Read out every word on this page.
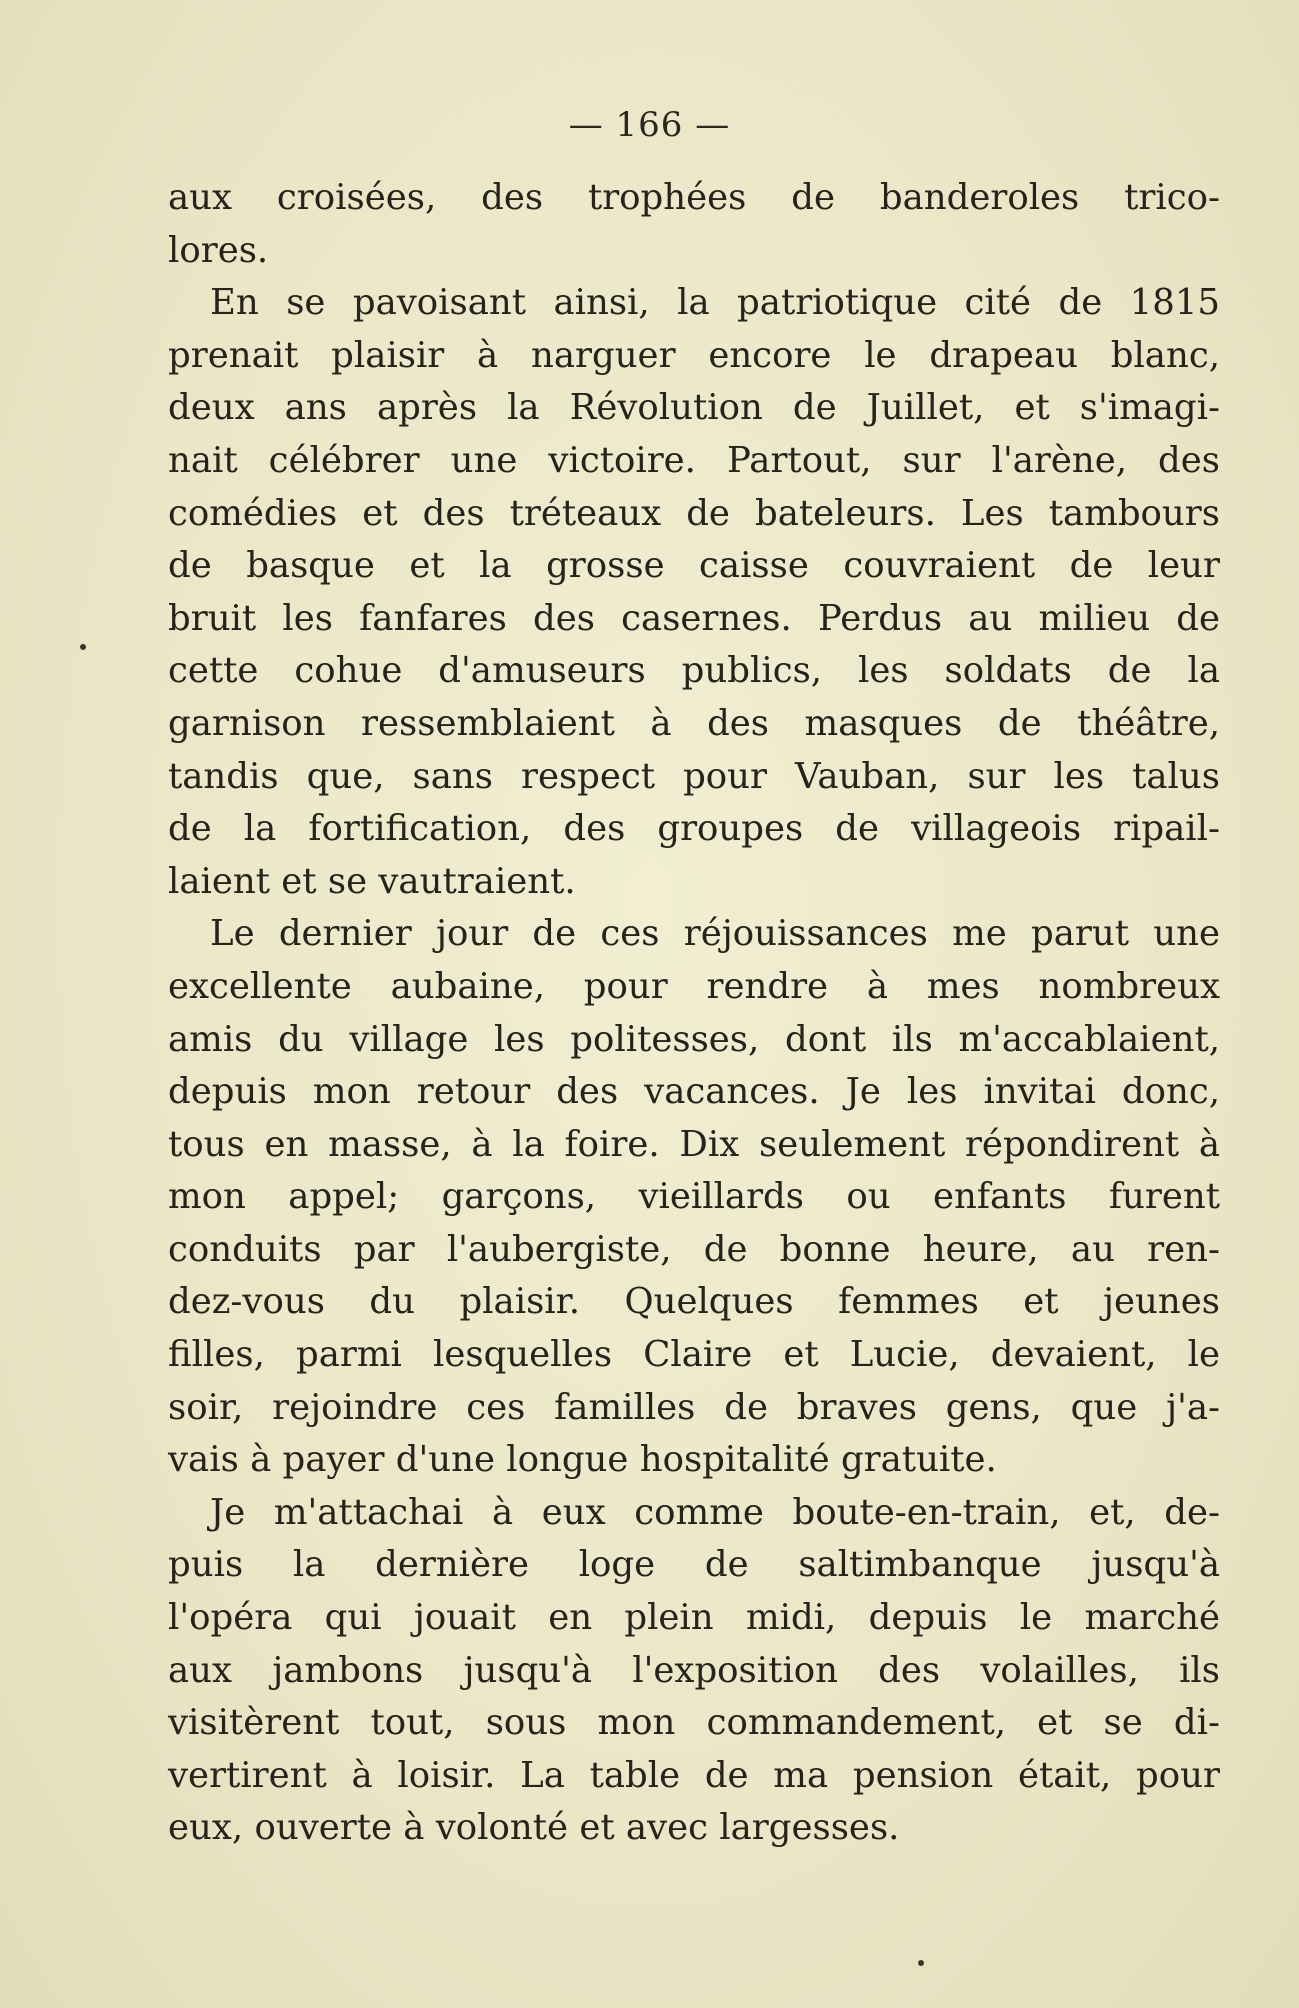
— 166 —
aux croisées, des trophées de banderoles trico-
lores.
En se pavoisant ainsi, la patriotique cité de 1815
prenait plaisir à narguer encore le drapeau blanc,
deux ans après la Révolution de Juillet, et s'imagi-
nait célébrer une victoire. Partout, sur l'arène, des
comédies et des tréteaux de bateleurs. Les tambours
de basque et la grosse caisse couvraient de leur
bruit les fanfares des casernes. Perdus au milieu de
cette cohue d'amuseurs publics, les soldats de la
garnison ressemblaient à des masques de théâtre,
tandis que, sans respect pour Vauban, sur les talus
de la fortification, des groupes de villageois ripail-
laient et se vautraient.
Le dernier jour de ces réjouissances me parut une
excellente aubaine, pour rendre à mes nombreux
amis du village les politesses, dont ils m'accablaient,
depuis mon retour des vacances. Je les invitai donc,
tous en masse, à la foire. Dix seulement répondirent à
mon appel; garçons, vieillards ou enfants furent
conduits par l'aubergiste, de bonne heure, au ren-
dez-vous du plaisir. Quelques femmes et jeunes
filles, parmi lesquelles Claire et Lucie, devaient, le
soir, rejoindre ces familles de braves gens, que j'a-
vais à payer d'une longue hospitalité gratuite.
Je m'attachai à eux comme boute-en-train, et, de-
puis la dernière loge de saltimbanque jusqu'à
l'opéra qui jouait en plein midi, depuis le marché
aux jambons jusqu'à l'exposition des volailles, ils
visitèrent tout, sous mon commandement, et se di-
vertirent à loisir. La table de ma pension était, pour
eux, ouverte à volonté et avec largesses.
